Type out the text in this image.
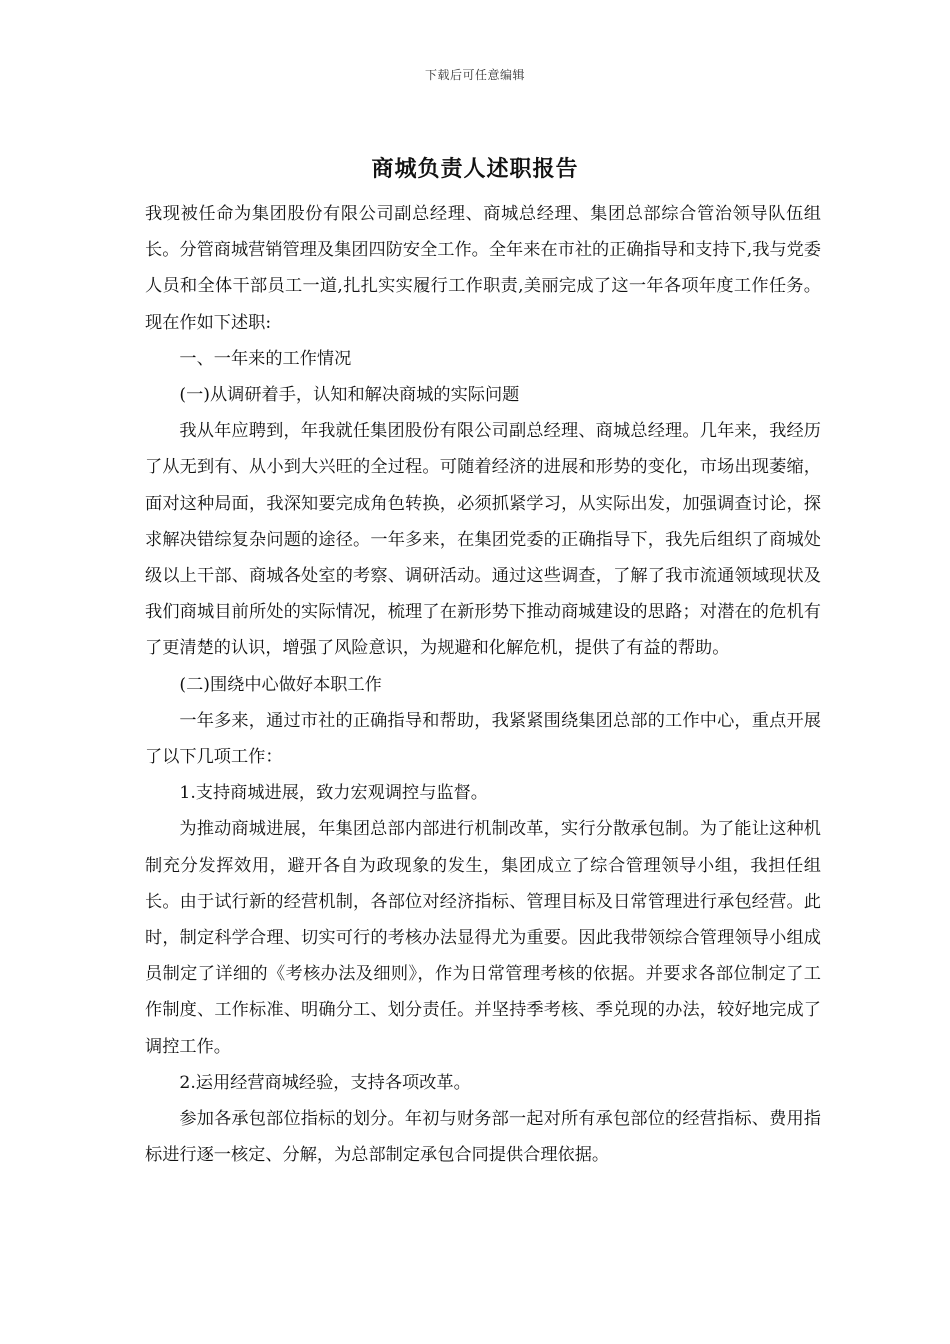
下载后可任意编辑
商城负责人述职报告

我现被任命为集团股份有限公司副总经理、商城总经理、集团总部综合管治领导队伍组长。分管商城营销管理及集团四防安全工作。全年来在市社的正确指导和支持下,我与党委人员和全体干部员工一道,扎扎实实履行工作职责,美丽完成了这一年各项年度工作任务。现在作如下述职:

一、一年来的工作情况

(一)从调研着手，认知和解决商城的实际问题

我从年应聘到，年我就任集团股份有限公司副总经理、商城总经理。几年来，我经历了从无到有、从小到大兴旺的全过程。可随着经济的进展和形势的变化，市场出现萎缩，面对这种局面，我深知要完成角色转换，必须抓紧学习，从实际出发，加强调查讨论，探求解决错综复杂问题的途径。一年多来，在集团党委的正确指导下，我先后组织了商城处级以上干部、商城各处室的考察、调研活动。通过这些调查，了解了我市流通领域现状及我们商城目前所处的实际情况，梳理了在新形势下推动商城建设的思路；对潜在的危机有了更清楚的认识，增强了风险意识，为规避和化解危机，提供了有益的帮助。

(二)围绕中心做好本职工作

一年多来，通过市社的正确指导和帮助，我紧紧围绕集团总部的工作中心，重点开展了以下几项工作：

1.支持商城进展，致力宏观调控与监督。

为推动商城进展，年集团总部内部进行机制改革，实行分散承包制。为了能让这种机制充分发挥效用，避开各自为政现象的发生，集团成立了综合管理领导小组，我担任组长。由于试行新的经营机制，各部位对经济指标、管理目标及日常管理进行承包经营。此时，制定科学合理、切实可行的考核办法显得尤为重要。因此我带领综合管理领导小组成员制定了详细的《考核办法及细则》，作为日常管理考核的依据。并要求各部位制定了工作制度、工作标准、明确分工、划分责任。并坚持季考核、季兑现的办法，较好地完成了调控工作。

2.运用经营商城经验，支持各项改革。

参加各承包部位指标的划分。年初与财务部一起对所有承包部位的经营指标、费用指标进行逐一核定、分解，为总部制定承包合同提供合理依据。
